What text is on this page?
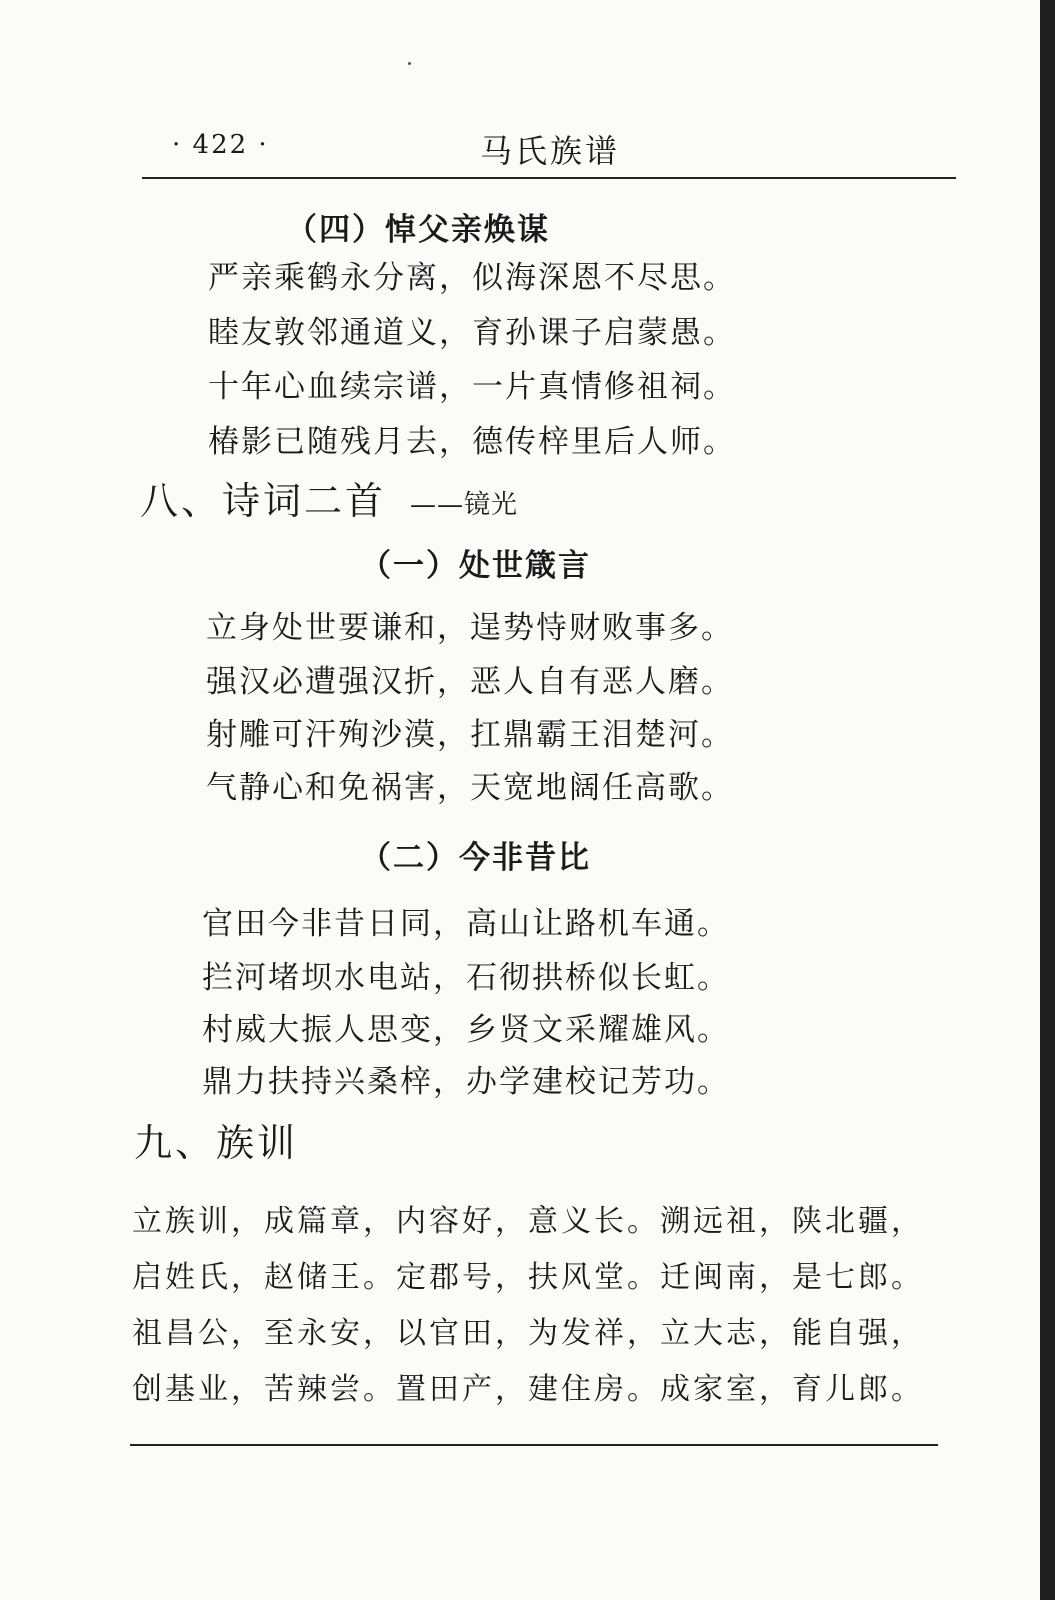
· 422 ·	马氏族谱
（四）悼父亲焕谋
严亲乘鹤永分离，似海深恩不尽思。
睦友敦邻通道义，育孙课子启蒙愚。
十年心血续宗谱，一片真情修祖祠。
椿影已随残月去，德传梓里后人师。
八、诗词二首 ——镜光
（一）处世箴言
立身处世要谦和，逞势恃财败事多。
强汉必遭强汉折，恶人自有恶人磨。
射雕可汗殉沙漠，扛鼎霸王泪楚河。
气静心和免祸害，天宽地阔任高歌。
（二）今非昔比
官田今非昔日同，高山让路机车通。
拦河堵坝水电站，石彻拱桥似长虹。
村威大振人思变，乡贤文采耀雄风。
鼎力扶持兴桑梓，办学建校记芳功。
九、族训
立族训，成篇章，内容好，意义长。溯远祖，陕北疆，
启姓氏，赵储王。定郡号，扶风堂。迁闽南，是七郎。
祖昌公，至永安，以官田，为发祥，立大志，能自强，
创基业，苦辣尝。置田产，建住房。成家室，育儿郎。
